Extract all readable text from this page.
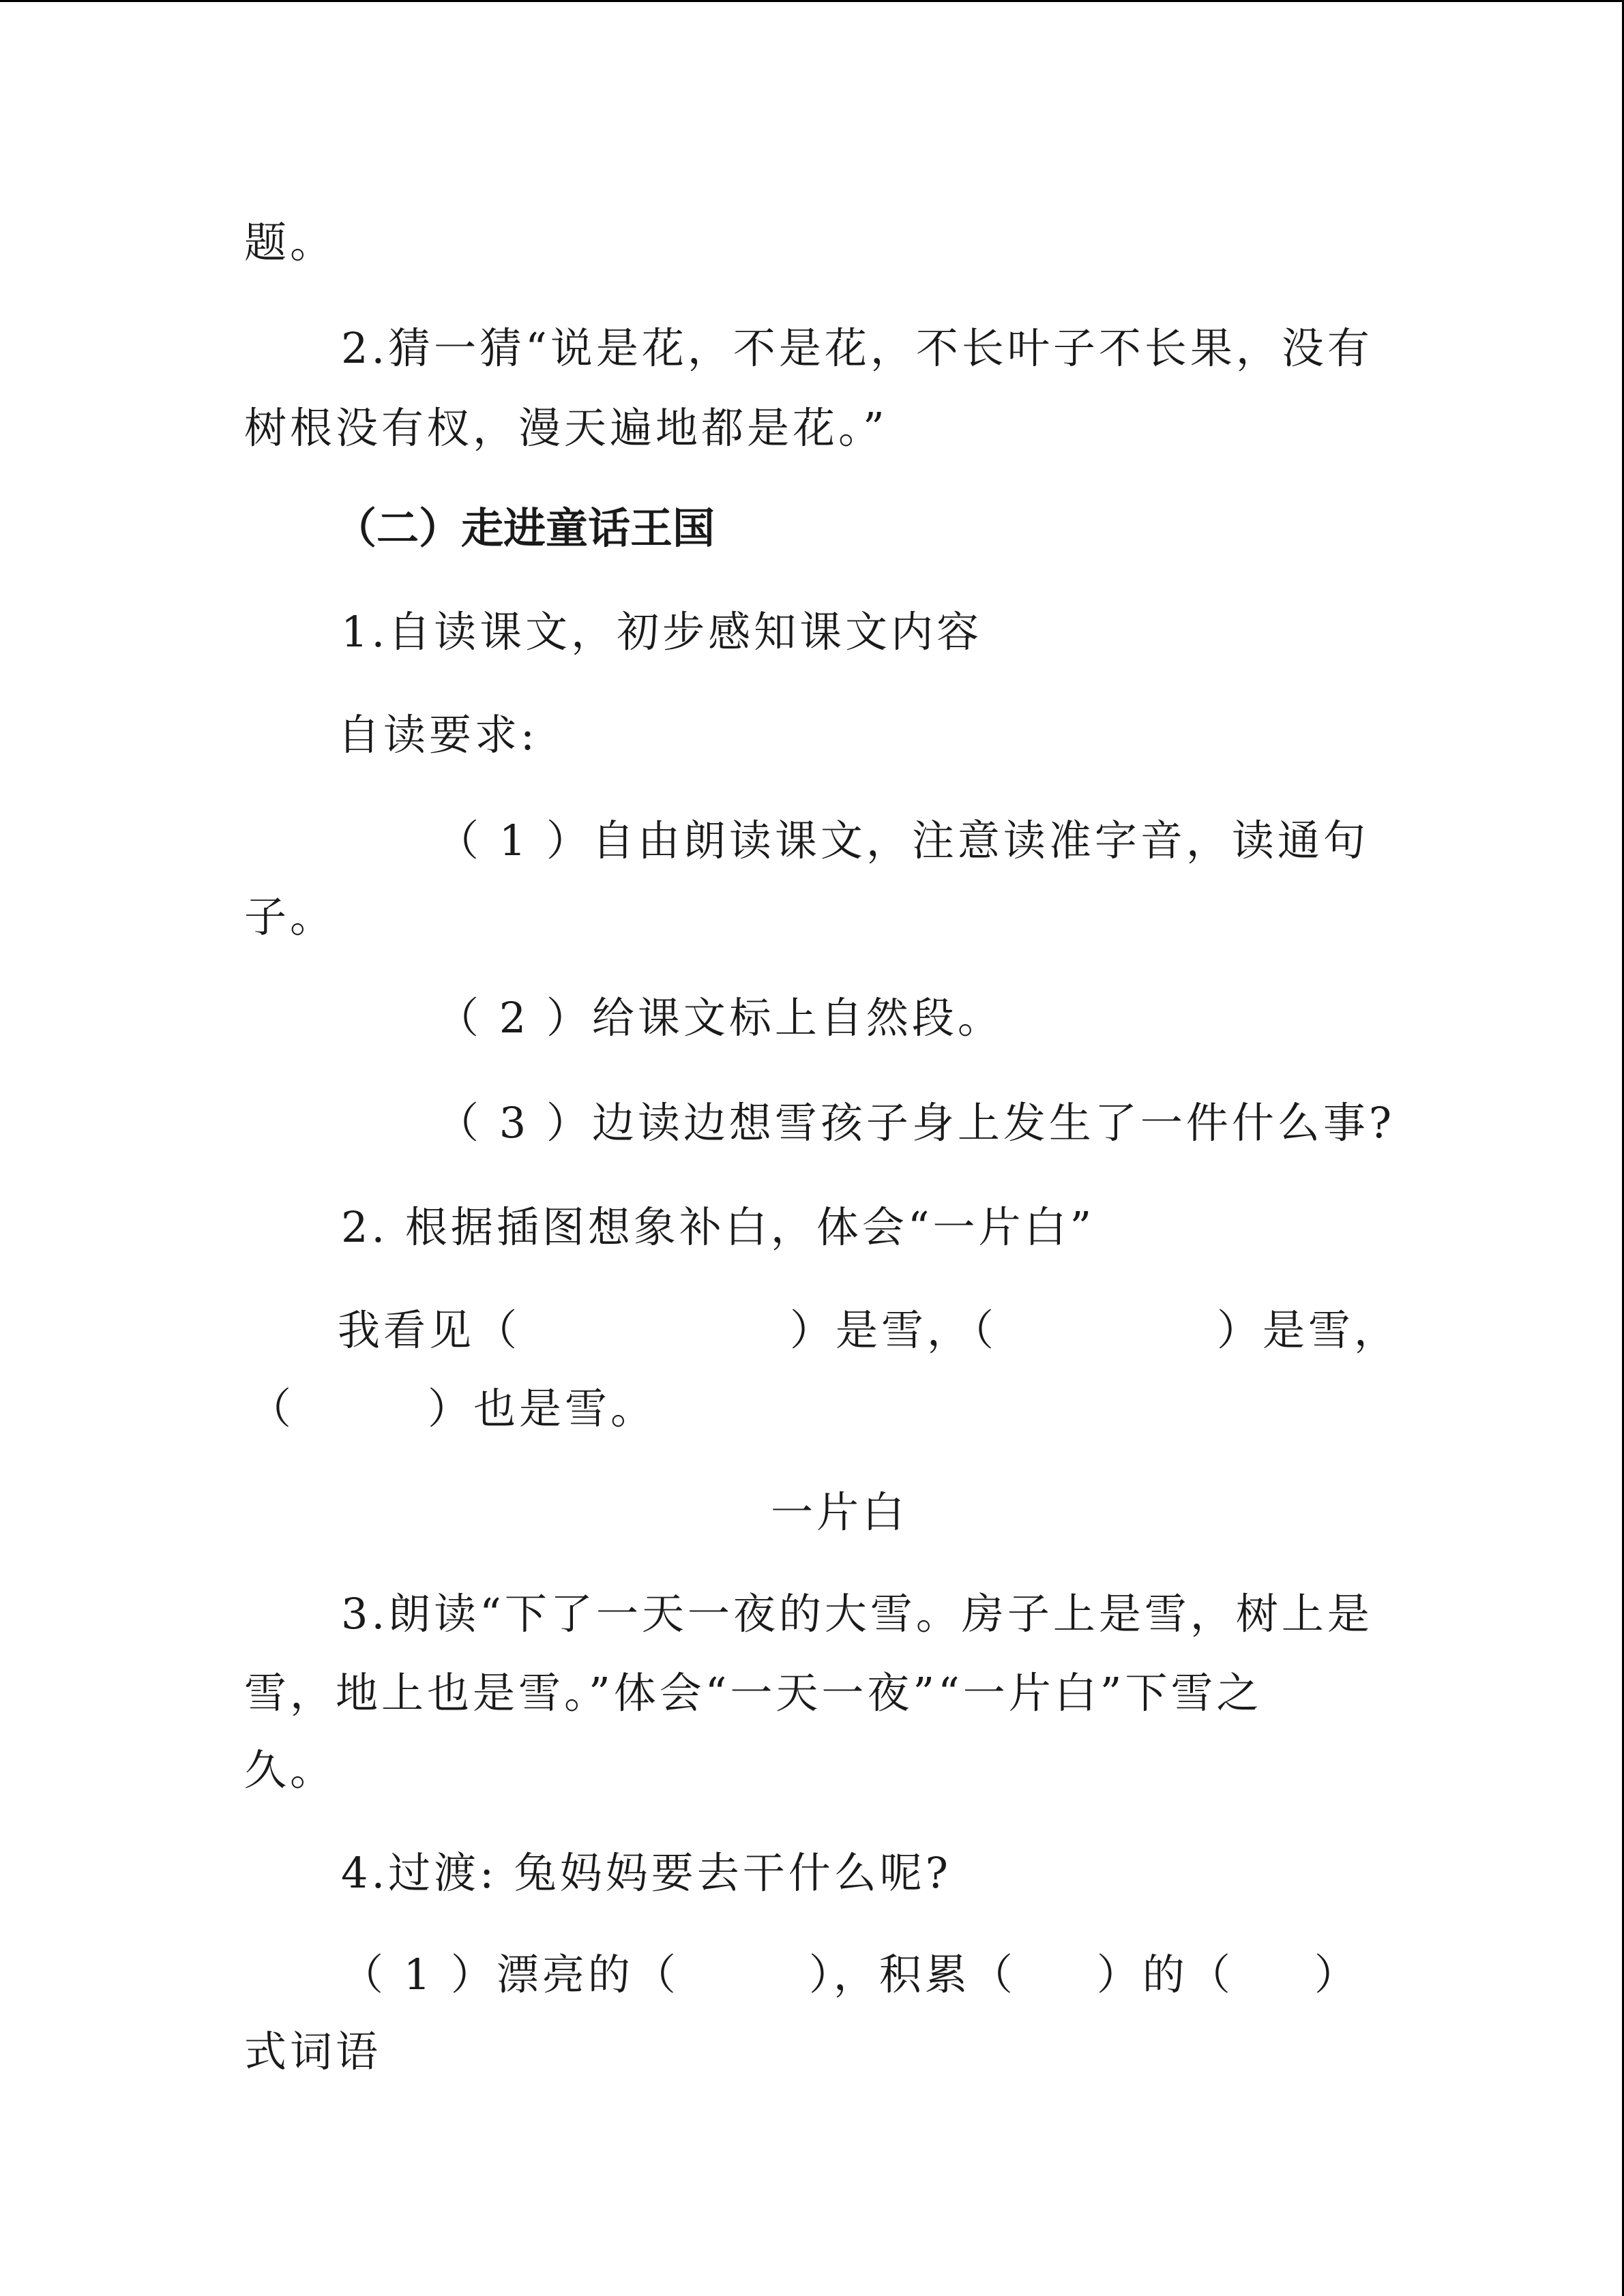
题。
2.猜一猜“说是花，不是花，不长叶子不长果，没有
树根没有杈，漫天遍地都是花。”
（二）走进童话王国
1.自读课文，初步感知课文内容
自读要求:
（ 1 ）自由朗读课文，注意读准字音，读通句
子。
（ 2 ）给课文标上自然段。
（ 3 ）边读边想雪孩子身上发生了一件什么事?
2. 根据插图想象补白，体会“一片白”
我看见（	）是雪，（	）是雪，
（	）也是雪。
一片白
3.朗读“下了一天一夜的大雪。房子上是雪，树上是
雪，地上也是雪。”体会“一天一夜”“一片白”下雪之
久。
4.过渡: 兔妈妈要去干什么呢?
（ 1 ）漂亮的（	），积累（ ）的（ ）
式词语
